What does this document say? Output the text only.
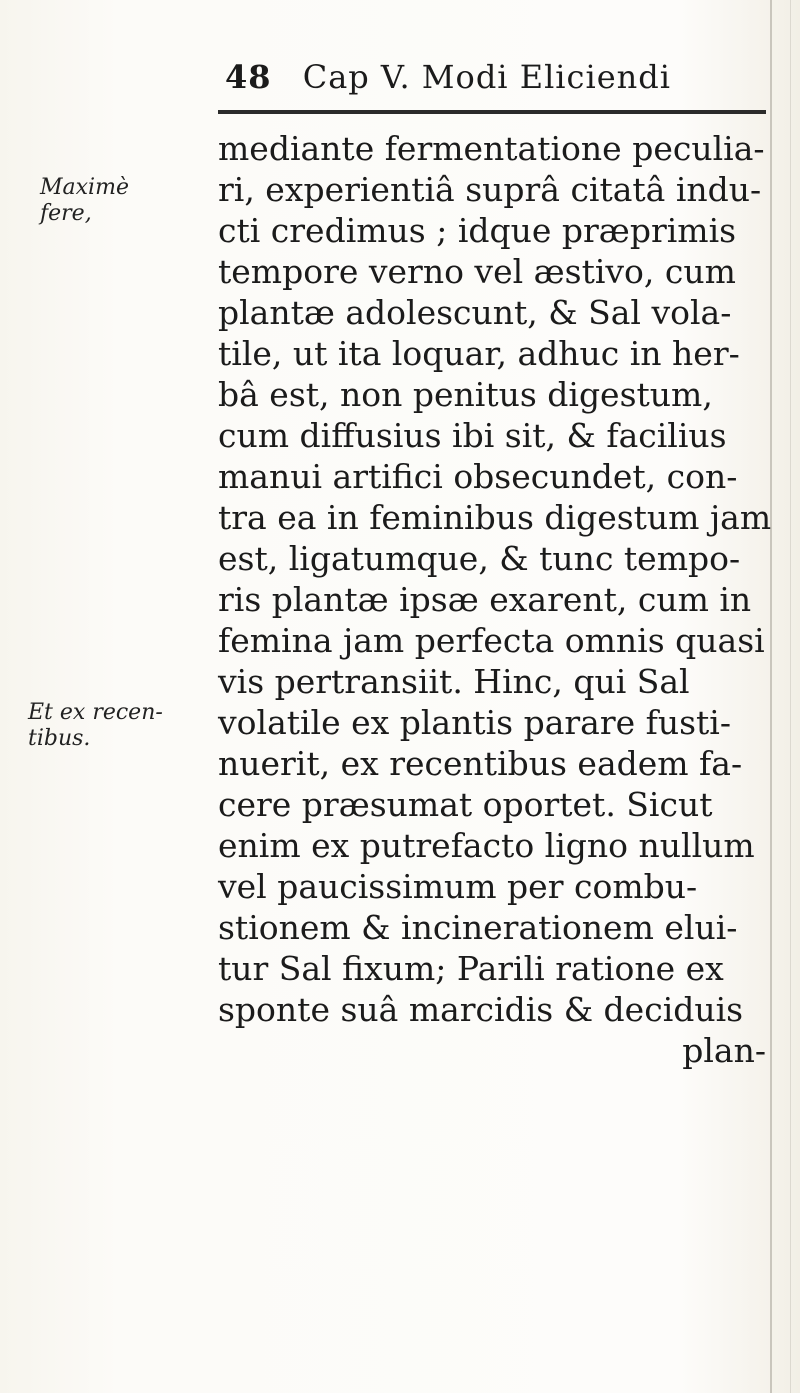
48 Cap V. Modi Eliciendi
Maximè
fere,
Et ex recen-
tibus.
mediante fermentatione peculia-
ri, experientiâ suprâ citatâ indu-
cti credimus ; idque præprimis
tempore verno vel æstivo, cum
plantæ adolescunt, & Sal vola-
tile, ut ita loquar, adhuc in her-
bâ est, non penitus digestum,
cum diffusius ibi sit, & facilius
manui artifici obsecundet, con-
tra ea in feminibus digestum jam
est, ligatumque, & tunc tempo-
ris plantæ ipsæ exarent, cum in
femina jam perfecta omnis quasi
vis pertransiit. Hinc, qui Sal
volatile ex plantis parare fusti-
nuerit, ex recentibus eadem fa-
cere præsumat oportet. Sicut
enim ex putrefacto ligno nullum
vel paucissimum per combu-
stionem & incinerationem elui-
tur Sal fixum; Parili ratione ex
sponte suâ marcidis & deciduis
plan-
